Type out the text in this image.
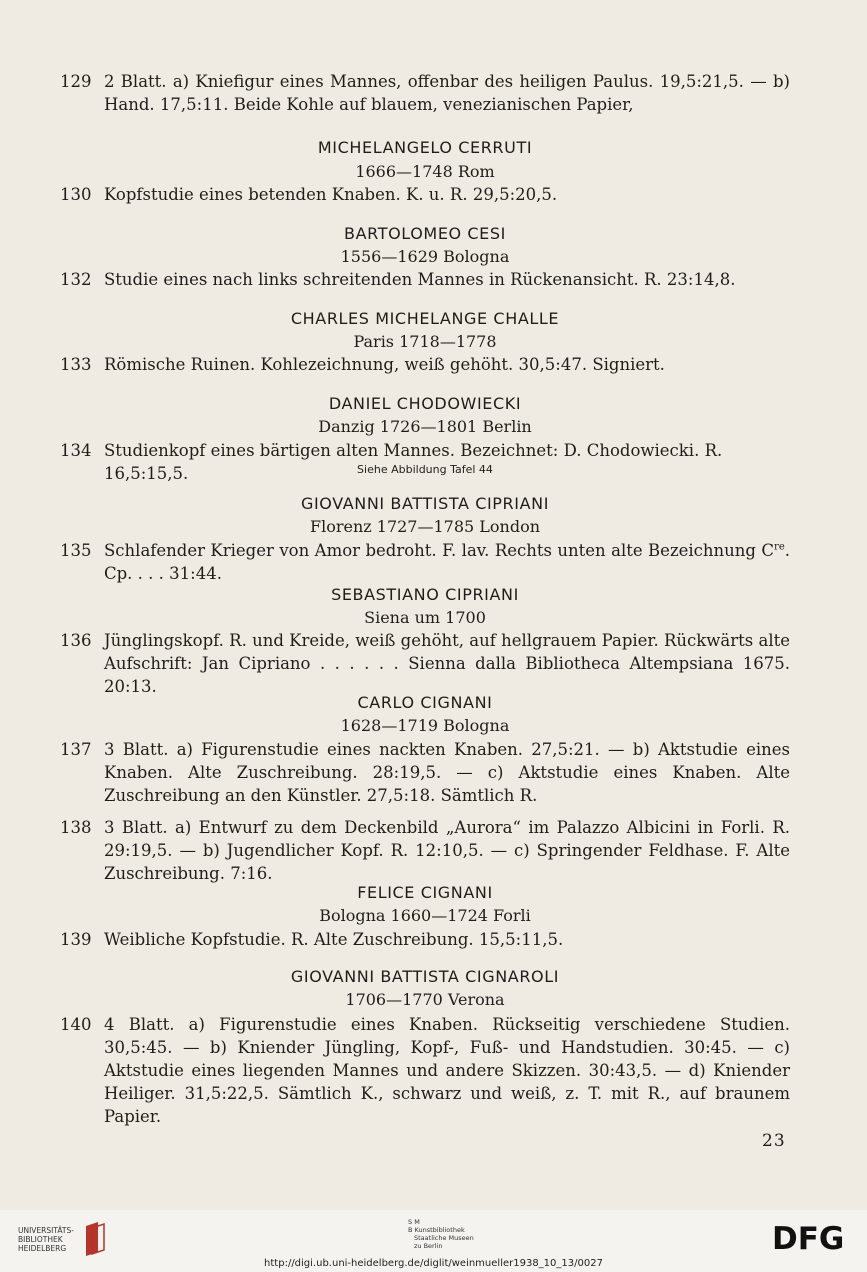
129 2 Blatt. a) Kniefigur eines Mannes, offenbar des heiligen Paulus. 19,5:21,5. — b) Hand. 17,5:11. Beide Kohle auf blauem, venezianischen Papier,
MICHELANGELO CERRUTI
1666—1748 Rom
130 Kopfstudie eines betenden Knaben. K. u. R. 29,5:20,5.
BARTOLOMEO CESI
1556—1629 Bologna
132 Studie eines nach links schreitenden Mannes in Rückenansicht. R. 23:14,8.
CHARLES MICHELANGE CHALLE
Paris 1718—1778
133 Römische Ruinen. Kohlezeichnung, weiß gehöht. 30,5:47. Signiert.
DANIEL CHODOWIECKI
Danzig 1726—1801 Berlin
134 Studienkopf eines bärtigen alten Mannes. Bezeichnet: D. Chodowiecki. R. 16,5:15,5.	Siehe Abbildung Tafel 44
GIOVANNI BATTISTA CIPRIANI
Florenz 1727—1785 London
135 Schlafender Krieger von Amor bedroht. F. lav. Rechts unten alte Bezeichnung Cre. Cp. . . . 31:44.
SEBASTIANO CIPRIANI
Siena um 1700
136 Jünglingskopf. R. und Kreide, weiß gehöht, auf hellgrauem Papier. Rückwärts alte Aufschrift: Jan Cipriano . . . . . . Sienna dalla Bibliotheca Altempsiana 1675. 20:13.
CARLO CIGNANI
1628—1719 Bologna
137 3 Blatt. a) Figurenstudie eines nackten Knaben. 27,5:21. — b) Aktstudie eines Knaben. Alte Zuschreibung. 28:19,5. — c) Aktstudie eines Knaben. Alte Zuschreibung an den Künstler. 27,5:18. Sämtlich R.
138 3 Blatt. a) Entwurf zu dem Deckenbild „Aurora“ im Palazzo Albicini in Forli. R. 29:19,5. — b) Jugendlicher Kopf. R. 12:10,5. — c) Springender Feldhase. F. Alte Zuschreibung. 7:16.
FELICE CIGNANI
Bologna 1660—1724 Forli
139 Weibliche Kopfstudie. R. Alte Zuschreibung. 15,5:11,5.
GIOVANNI BATTISTA CIGNAROLI
1706—1770 Verona
140 4 Blatt. a) Figurenstudie eines Knaben. Rückseitig verschiedene Studien. 30,5:45. — b) Kniender Jüngling, Kopf-, Fuß- und Handstudien. 30:45. — c) Aktstudie eines liegenden Mannes und andere Skizzen. 30:43,5. — d) Kniender Heiliger. 31,5:22,5. Sämtlich K., schwarz und weiß, z. T. mit R., auf braunem Papier.
23
UNIVERSITÄTS-BIBLIOTHEK HEIDELBERG
S M
B Kunstbibliothek
Staatliche Museen
zu Berlin	DFG
http://digi.ub.uni-heidelberg.de/diglit/weinmueller1938_10_13/0027
